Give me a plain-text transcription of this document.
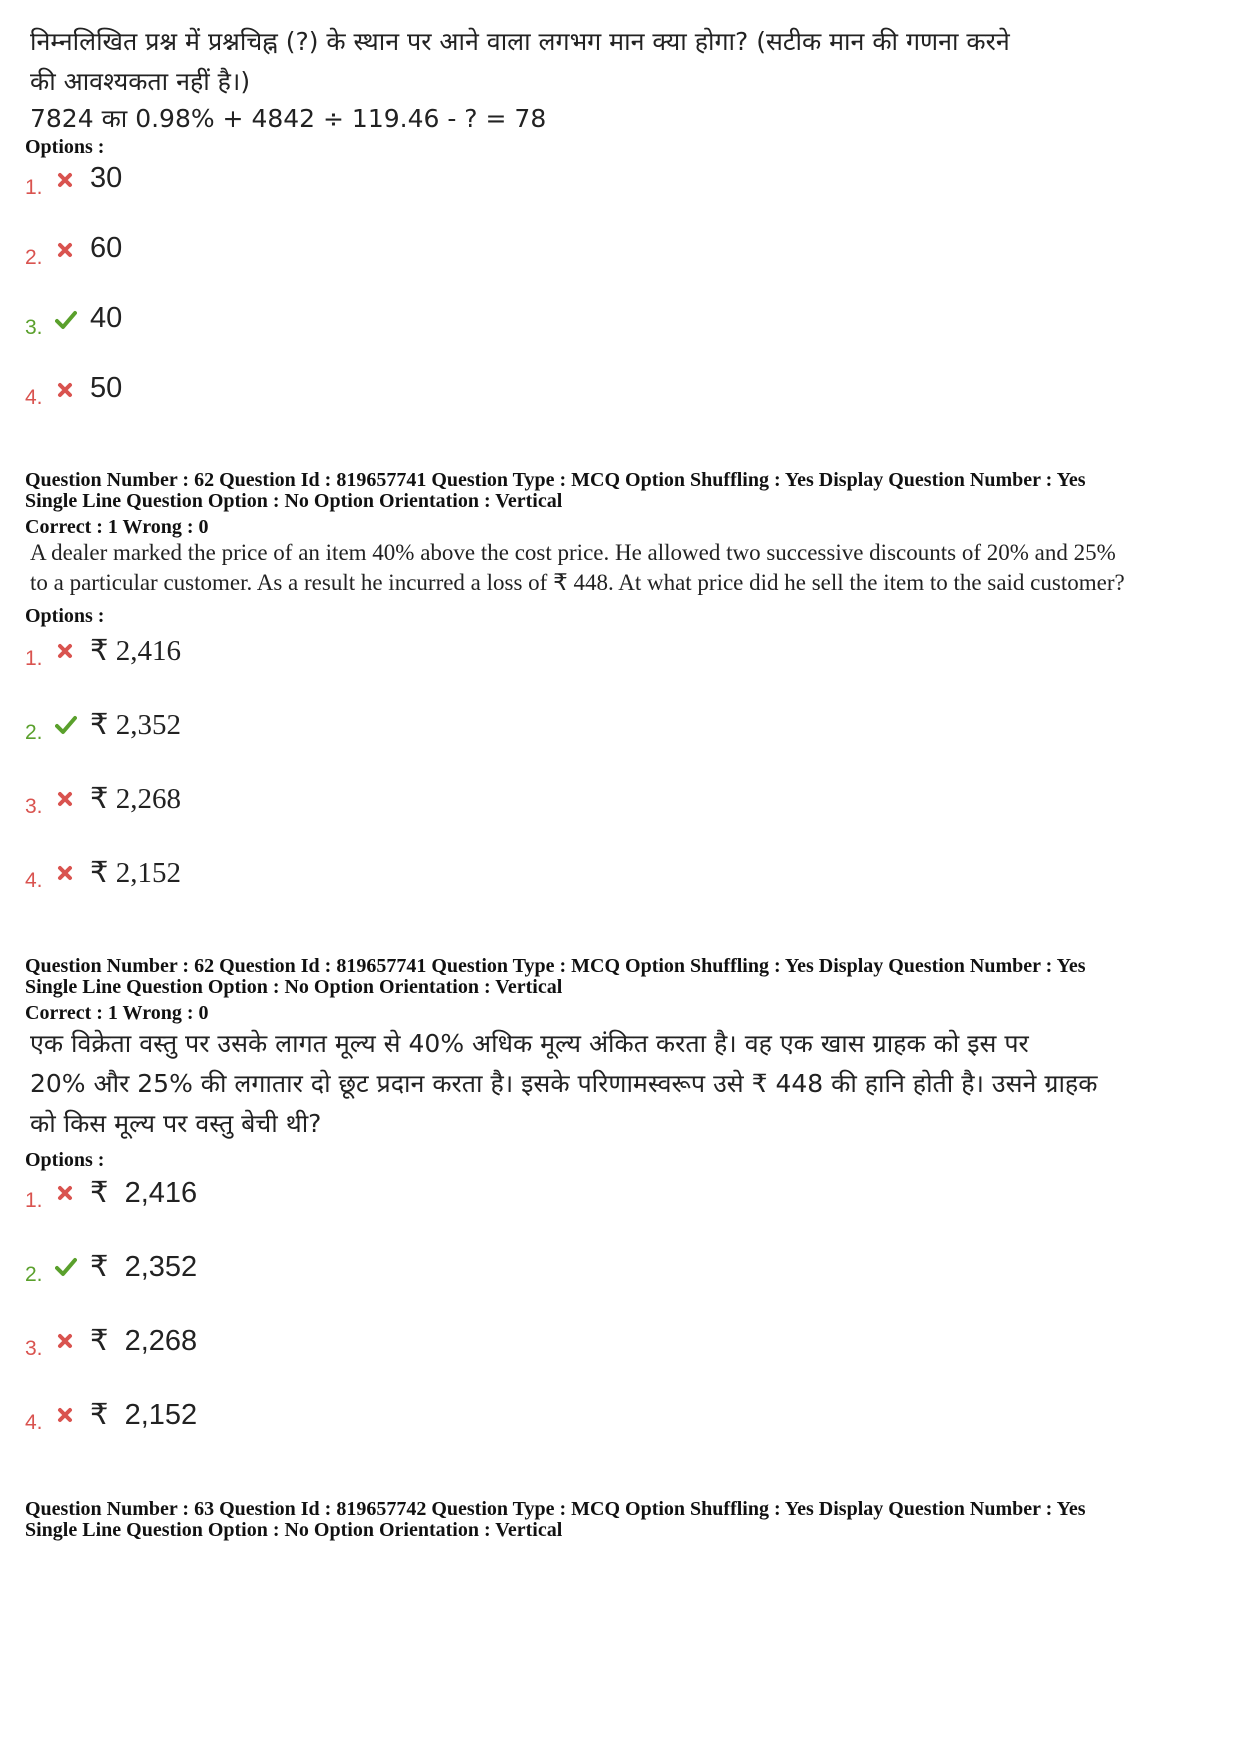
निम्नलिखित प्रश्न में प्रश्नचिह्न (?) के स्थान पर आने वाला लगभग मान क्या होगा? (सटीक मान की गणना करने
की आवश्यकता नहीं है।)
7824 का 0.98% + 4842 ÷ 119.46 - ? = 78
Options :
1. 30
2. 60
3. 40
4. 50
Question Number : 62 Question Id : 819657741 Question Type : MCQ Option Shuffling : Yes Display Question Number : Yes
Single Line Question Option : No Option Orientation : Vertical
Correct : 1 Wrong : 0
A dealer marked the price of an item 40% above the cost price. He allowed two successive discounts of 20% and 25%
to a particular customer. As a result he incurred a loss of ₹ 448. At what price did he sell the item to the said customer?
Options :
1. ₹ 2,416
2. ₹ 2,352
3. ₹ 2,268
4. ₹ 2,152
Question Number : 62 Question Id : 819657741 Question Type : MCQ Option Shuffling : Yes Display Question Number : Yes
Single Line Question Option : No Option Orientation : Vertical
Correct : 1 Wrong : 0
एक विक्रेता वस्तु पर उसके लागत मूल्य से 40% अधिक मूल्य अंकित करता है। वह एक खास ग्राहक को इस पर
20% और 25% की लगातार दो छूट प्रदान करता है। इसके परिणामस्वरूप उसे ₹ 448 की हानि होती है। उसने ग्राहक
को किस मूल्य पर वस्तु बेची थी?
Options :
1. ₹  2,416
2. ₹  2,352
3. ₹  2,268
4. ₹  2,152
Question Number : 63 Question Id : 819657742 Question Type : MCQ Option Shuffling : Yes Display Question Number : Yes
Single Line Question Option : No Option Orientation : Vertical
